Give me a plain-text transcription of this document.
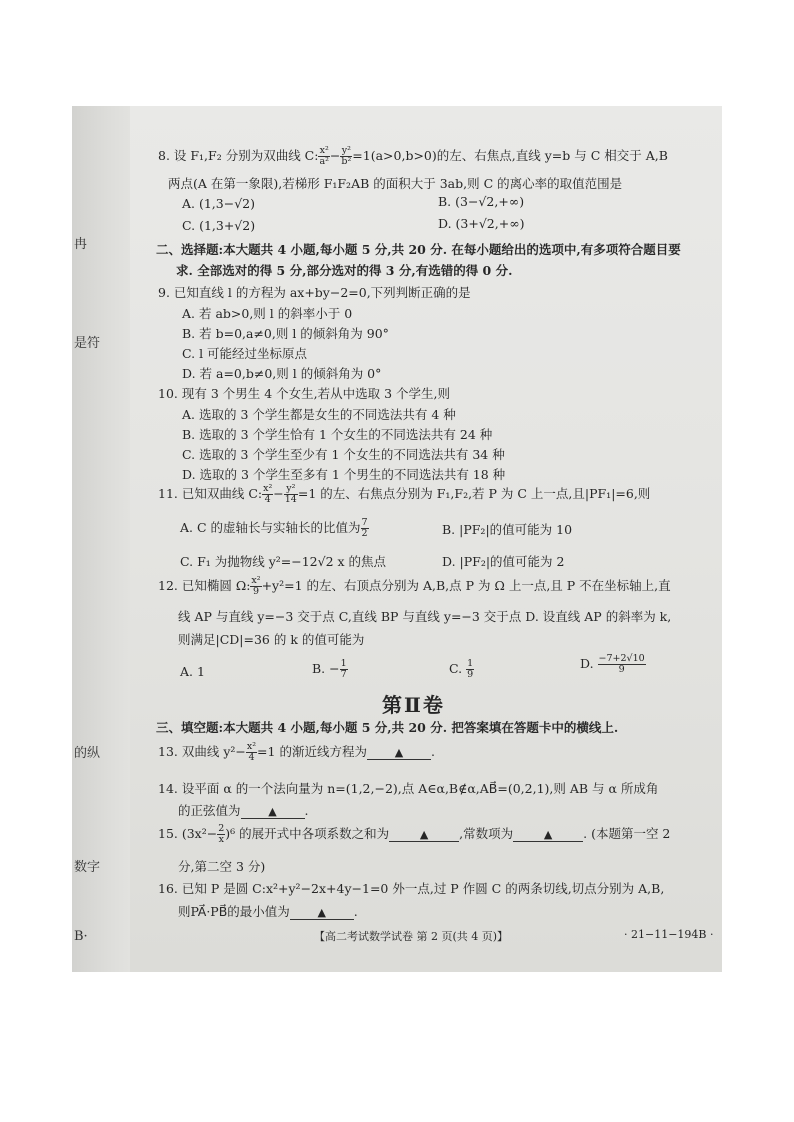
冉
是符
的纵
数字
B·
8. 设 F₁,F₂ 分别为双曲线 C: $\frac{\text{x²}}{\text{a²}} - \frac{\text{y²}}{\text{b²}} =1(a>0,b>0)$的左、右焦点,直线 y=b 与 C 相交于 A,B
两点(A 在第一象限),若梯形 F₁F₂AB 的面积大于 3ab,则 C 的离心率的取值范围是
A. (1,3−√2)	B. (3−√2,+∞)
C. (1,3+√2)	D. (3+√2,+∞)
二、选择题:本大题共 4 小题,每小题 5 分,共 20 分. 在每小题给出的选项中,有多项符合题目要
求. 全部选对的得 5 分,部分选对的得 3 分,有选错的得 0 分.
9. 已知直线 l 的方程为 ax+by−2=0,下列判断正确的是
A. 若 ab>0,则 l 的斜率小于 0
B. 若 b=0,a≠0,则 l 的倾斜角为 90°
C. l 可能经过坐标原点
D. 若 a=0,b≠0,则 l 的倾斜角为 0°
10. 现有 3 个男生 4 个女生,若从中选取 3 个学生,则
A. 选取的 3 个学生都是女生的不同选法共有 4 种
B. 选取的 3 个学生恰有 1 个女生的不同选法共有 24 种
C. 选取的 3 个学生至少有 1 个女生的不同选法共有 34 种
D. 选取的 3 个学生至多有 1 个男生的不同选法共有 18 种
11. 已知双曲线 C: $\frac{\text{x²}}{4} - \frac{\text{y²}}{14} =1$ 的左、右焦点分别为 F₁,F₂,若 P 为 C 上一点,且|PF₁|=6,则
A. C 的虚轴长与实轴长的比值为 $\frac{7}{2}$	B. |PF₂|的值可能为 10
C. F₁ 为抛物线 y²=−12√2 x 的焦点	D. |PF₂|的值可能为 2
12. 已知椭圆 Ω: $\frac{\text{x²}}{9} +y^2=1$ 的左、右顶点分别为 A,B,点 P 为 Ω 上一点,且 P 不在坐标轴上,直
线 AP 与直线 y=−3 交于点 C,直线 BP 与直线 y=−3 交于点 D. 设直线 AP 的斜率为 k,
则满足|CD|=36 的 k 的值可能为
A. 1	B. − $\frac{1}{7}$	C. $\frac{1}{9}$	D. $\frac{-7+2√10}{9}$
第Ⅱ卷
三、填空题:本大题共 4 小题,每小题 5 分,共 20 分. 把答案填在答题卡中的横线上.
13. 双曲线 $y^2- \frac{\text{x²}}{4} =1$ 的渐近线方程为	▲ .
14. 设平面 α 的一个法向量为 n=(1,2,−2),点 A∈α,B∉α,AB⃗=(0,2,1),则 AB 与 α 所成角
的正弦值为	▲ .
15. $(3x^2- \frac{2}{x} )^6$ 的展开式中各项系数之和为	▲ ,常数项为	▲ . (本题第一空 2
分,第二空 3 分)
16. 已知 P 是圆 C:x²+y²−2x+4y−1=0 外一点,过 P 作圆 C 的两条切线,切点分别为 A,B,
则PA⃗·PB⃗的最小值为	▲ .
【高二考试数学试卷 第 2 页(共 4 页)】	· 21−11−194B ·
